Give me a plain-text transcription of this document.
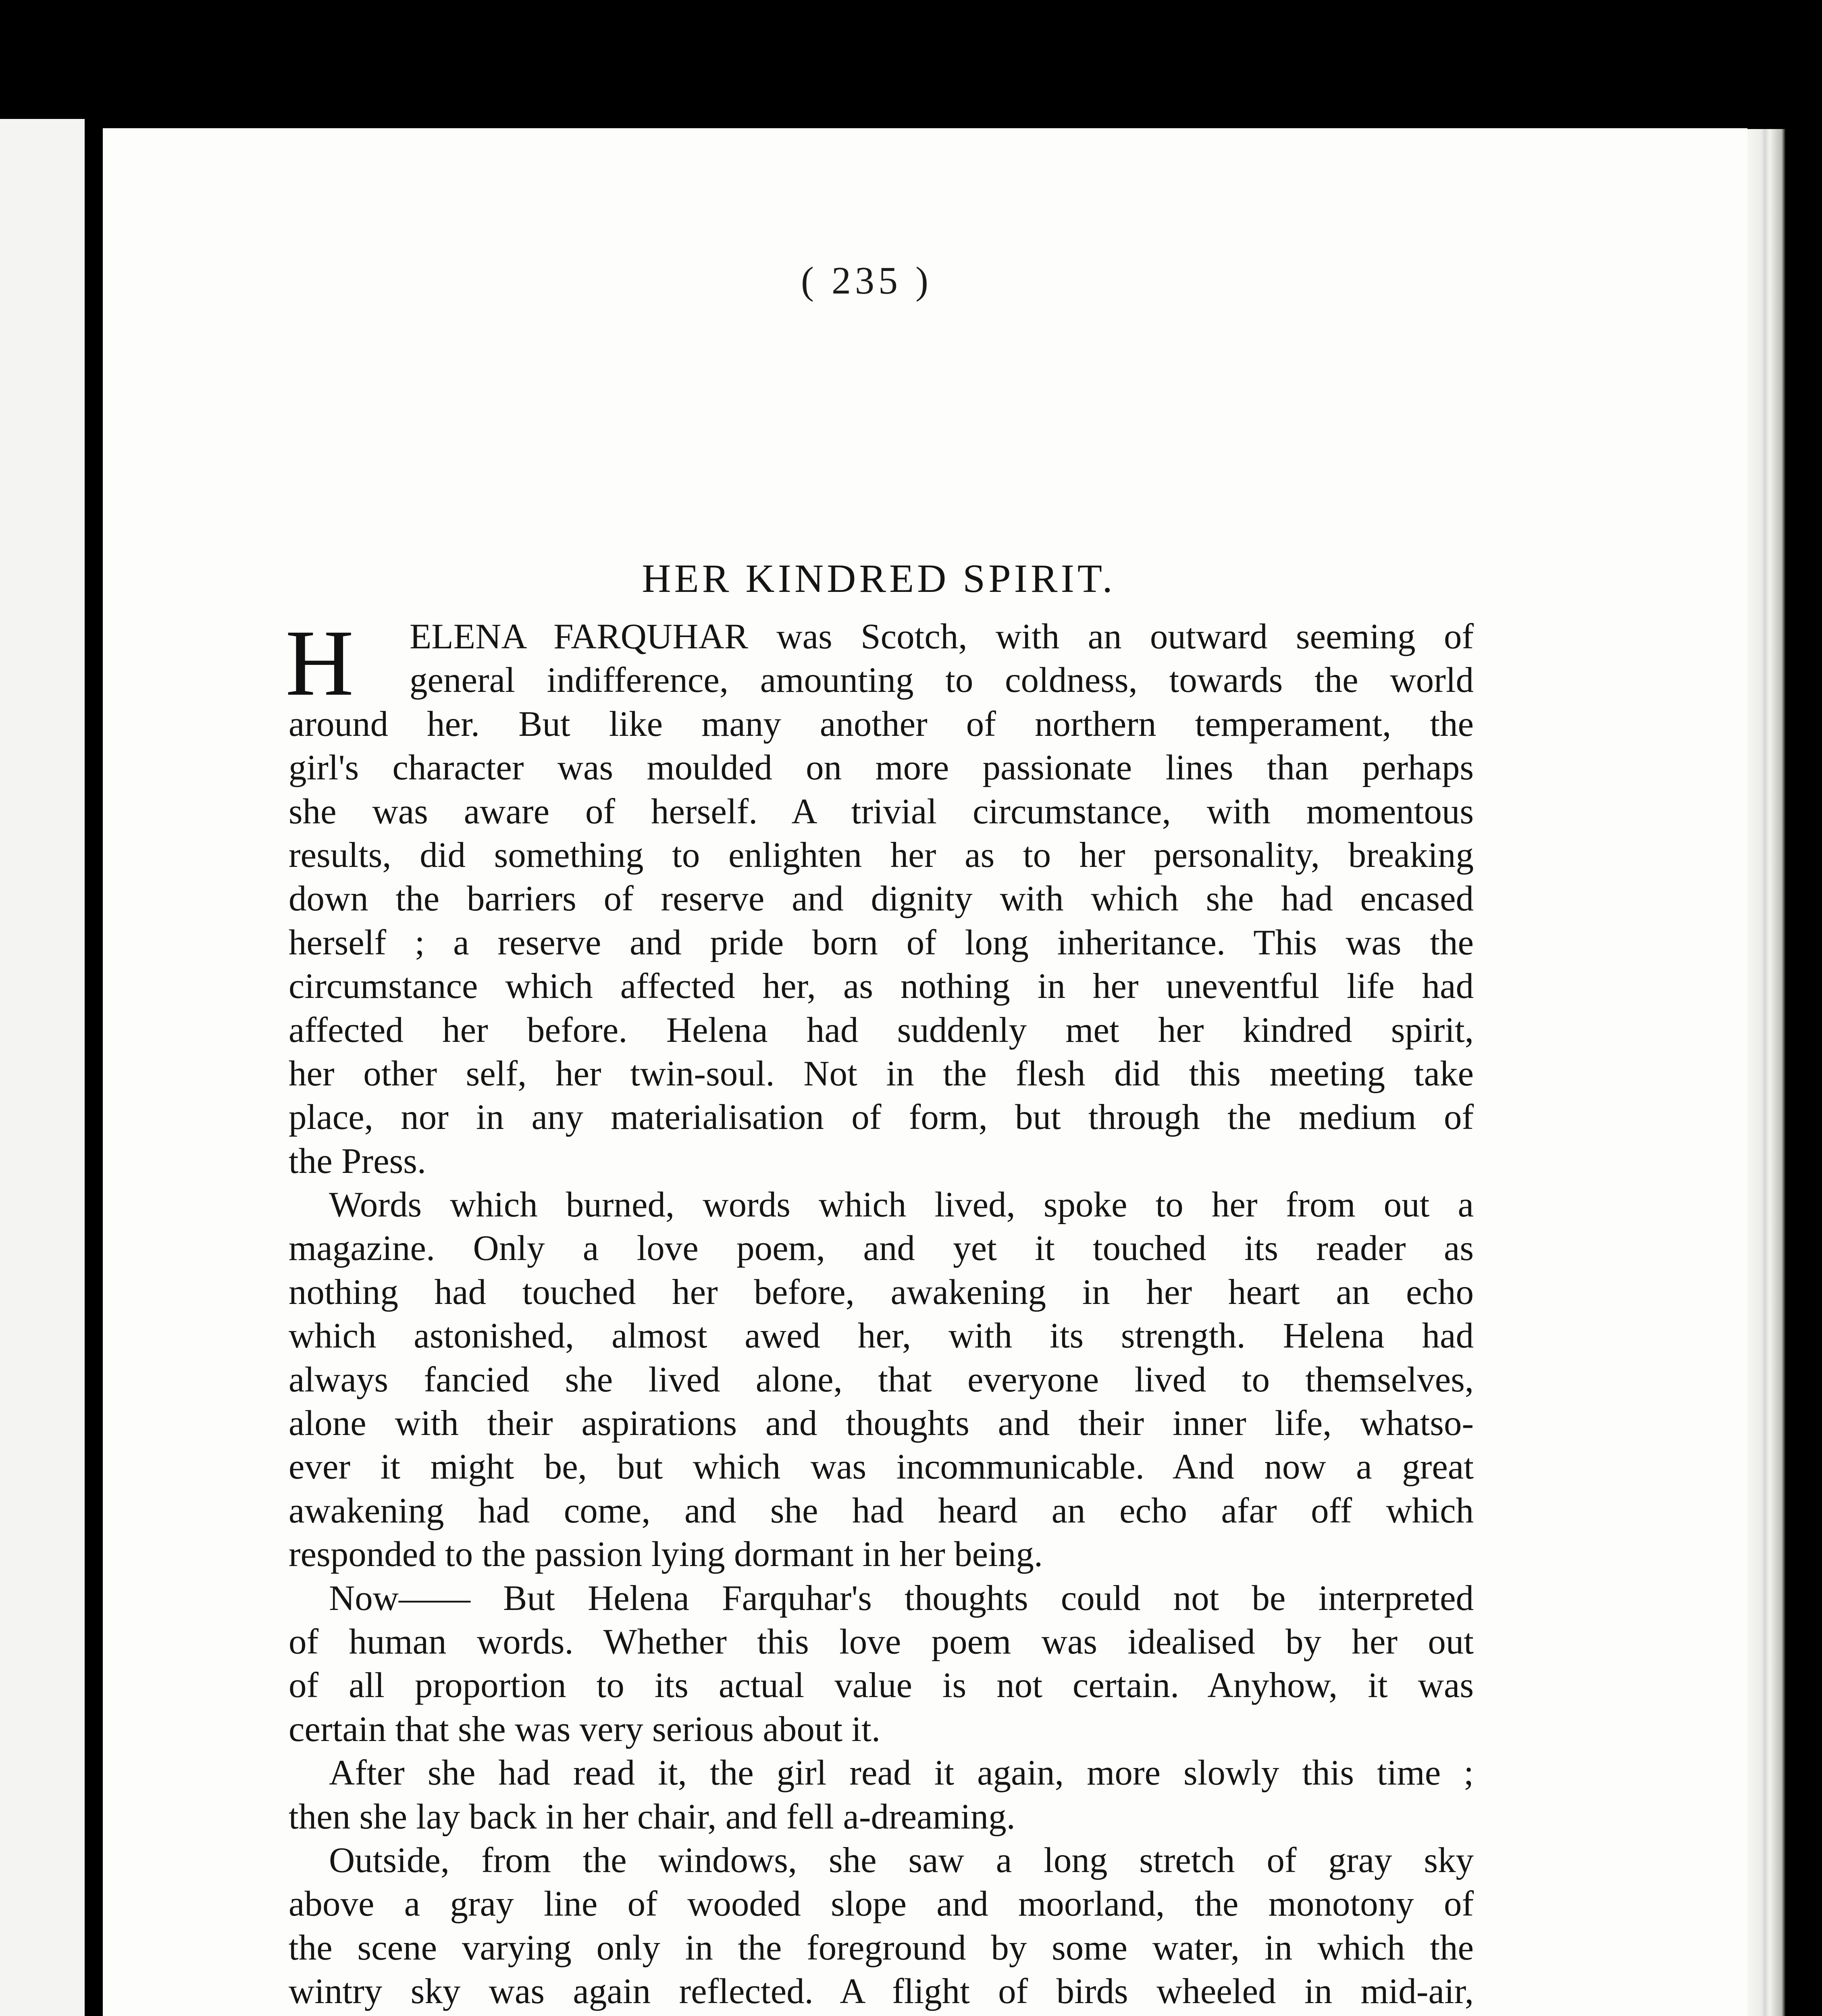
( 235 )
HER KINDRED SPIRIT.
H	ELENA FARQUHAR was Scotch, with an outward seeming of
general indifference, amounting to coldness, towards the world
around her. But like many another of northern temperament, the
girl's character was moulded on more passionate lines than perhaps
she was aware of herself. A trivial circumstance, with momentous
results, did something to enlighten her as to her personality, breaking
down the barriers of reserve and dignity with which she had encased
herself ; a reserve and pride born of long inheritance. This was the
circumstance which affected her, as nothing in her uneventful life had
affected her before. Helena had suddenly met her kindred spirit,
her other self, her twin-soul. Not in the flesh did this meeting take
place, nor in any materialisation of form, but through the medium of
the Press.
Words which burned, words which lived, spoke to her from out a
magazine. Only a love poem, and yet it touched its reader as
nothing had touched her before, awakening in her heart an echo
which astonished, almost awed her, with its strength. Helena had
always fancied she lived alone, that everyone lived to themselves,
alone with their aspirations and thoughts and their inner life, whatso-
ever it might be, but which was incommunicable. And now a great
awakening had come, and she had heard an echo afar off which
responded to the passion lying dormant in her being.
Now—— But Helena Farquhar's thoughts could not be interpreted
of human words. Whether this love poem was idealised by her out
of all proportion to its actual value is not certain. Anyhow, it was
certain that she was very serious about it.
After she had read it, the girl read it again, more slowly this time ;
then she lay back in her chair, and fell a-dreaming.
Outside, from the windows, she saw a long stretch of gray sky
above a gray line of wooded slope and moorland, the monotony of
the scene varying only in the foreground by some water, in which the
wintry sky was again reflected. A flight of birds wheeled in mid-air,
